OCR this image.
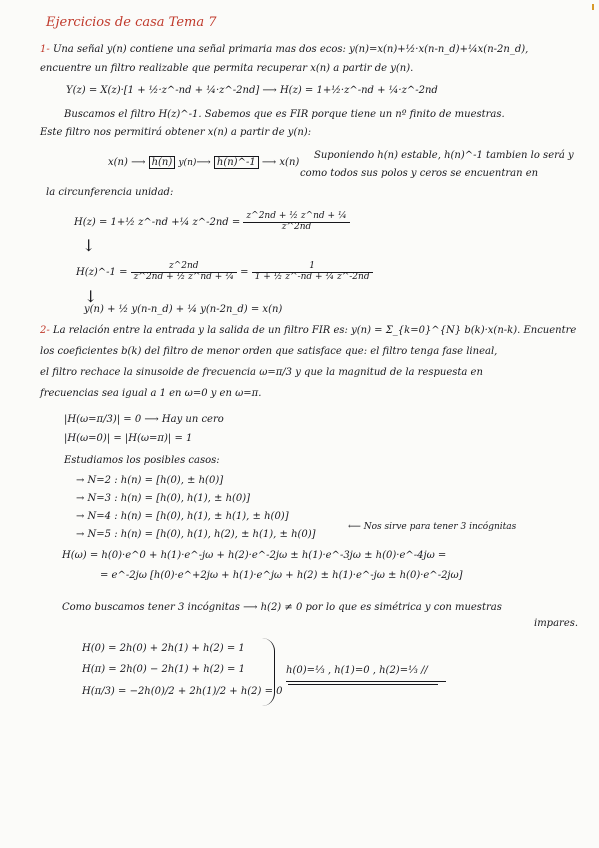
Ejercicios de casa Tema 7
1- Una señal y(n) contiene una señal primaria mas dos ecos: y(n)=x(n)+½·x(n-n_d)+¼x(n-2n_d),
encuentre un filtro realizable que permita recuperar x(n) a partir de y(n).
Y(z) = X(z)·[1 + ½·z^-nd + ¼·z^-2nd] ⟶ H(z) = 1+½·z^-nd + ¼·z^-2nd
Buscamos el filtro H(z)^-1. Sabemos que es FIR porque tiene un nº finito de muestras.
Este filtro nos permitirá obtener x(n) a partir de y(n):
x(n) ⟶ h(n) y(n)⟶ h(n)^-1 ⟶ x(n)
Suponiendo h(n) estable, h(n)^-1 tambien lo será y
como todos sus polos y ceros se encuentran en
la circunferencia unidad:
H(z) = 1+½ z^-nd +¼ z^-2nd = $\frac{\text{z\textasciicircum{}2nd + ½ z\textasciicircum{}nd + ¼}}{z\^{}2nd}$
↓
H(z)^-1 = $\frac{z\^{}2nd}{\text{z\textasciicircum{}2nd + ½ z\textasciicircum{}nd + ¼}} = \frac{1}{\text{1 + ½ z\textasciicircum{}-nd + ¼ z\textasciicircum{}-2nd}}$
↓
y(n) + ½ y(n-n_d) + ¼ y(n-2n_d) = x(n)
2- La relación entre la entrada y la salida de un filtro FIR es: y(n) = Σ_{k=0}^{N} b(k)·x(n-k). Encuentre
los coeficientes b(k) del filtro de menor orden que satisface que: el filtro tenga fase lineal,
el filtro rechace la sinusoide de frecuencia ω=π/3 y que la magnitud de la respuesta en
frecuencias sea igual a 1 en ω=0 y en ω=π.
|H(ω=π/3)| = 0 ⟶ Hay un cero
|H(ω=0)| = |H(ω=π)| = 1
Estudiamos los posibles casos:
→ N=2 : h(n) = [h(0), ± h(0)]
→ N=3 : h(n) = [h(0), h(1), ± h(0)]
→ N=4 : h(n) = [h(0), h(1), ± h(1), ± h(0)]
→ N=5 : h(n) = [h(0), h(1), h(2), ± h(1), ± h(0)]
⟵ Nos sirve para tener 3 incógnitas
H(ω) = h(0)·e^0 + h(1)·e^-jω + h(2)·e^-2jω ± h(1)·e^-3jω ± h(0)·e^-4jω =
= e^-2jω [h(0)·e^+2jω + h(1)·e^jω + h(2) ± h(1)·e^-jω ± h(0)·e^-2jω]
Como buscamos tener 3 incógnitas ⟶ h(2) ≠ 0 por lo que es simétrica y con muestras
impares.
H(0) = 2h(0) + 2h(1) + h(2) = 1
H(π) = 2h(0) − 2h(1) + h(2) = 1
H(π/3) = −2h(0)/2 + 2h(1)/2 + h(2) = 0
h(0)=⅓ , h(1)=0 , h(2)=⅓ //
